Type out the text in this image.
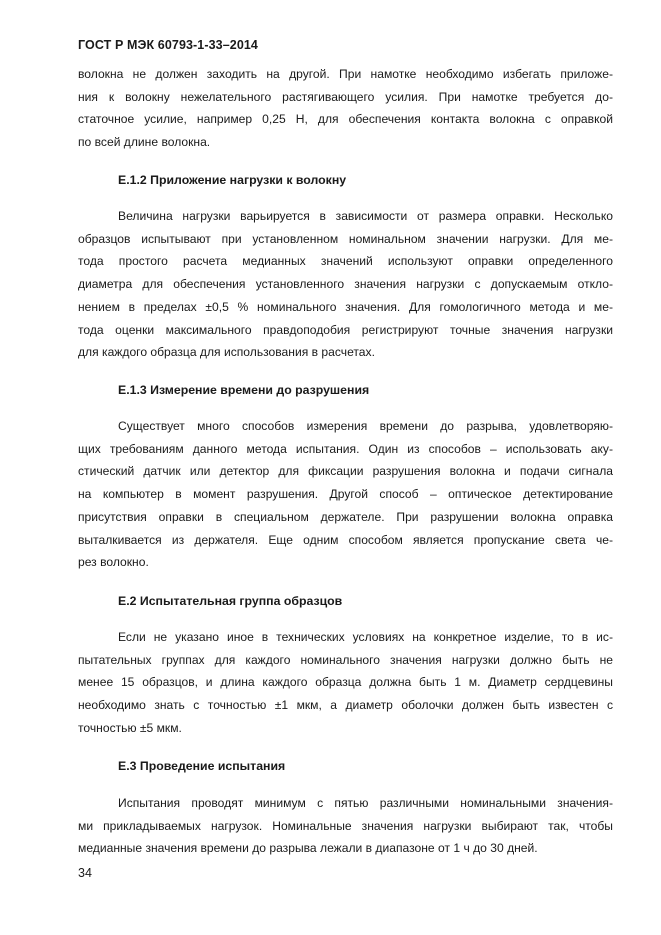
ГОСТ Р МЭК 60793-1-33–2014
волокна не должен заходить на другой. При намотке необходимо избегать приложе-
ния к волокну нежелательного растягивающего усилия. При намотке требуется до-
статочное усилие, например 0,25 Н, для обеспечения контакта волокна с оправкой
по всей длине волокна.
Е.1.2 Приложение нагрузки к волокну
Величина нагрузки варьируется в зависимости от размера оправки. Несколько
образцов испытывают при установленном номинальном значении нагрузки. Для ме-
тода простого расчета медианных значений используют оправки определенного
диаметра для обеспечения установленного значения нагрузки с допускаемым откло-
нением в пределах ±0,5 % номинального значения. Для гомологичного метода и ме-
тода оценки максимального правдоподобия регистрируют точные значения нагрузки
для каждого образца для использования в расчетах.
Е.1.3 Измерение времени до разрушения
Существует много способов измерения времени до разрыва, удовлетворяю-
щих требованиям данного метода испытания. Один из способов – использовать аку-
стический датчик или детектор для фиксации разрушения волокна и подачи сигнала
на компьютер в момент разрушения. Другой способ – оптическое детектирование
присутствия оправки в специальном держателе. При разрушении волокна оправка
выталкивается из держателя. Еще одним способом является пропускание света че-
рез волокно.
Е.2 Испытательная группа образцов
Если не указано иное в технических условиях на конкретное изделие, то в ис-
пытательных группах для каждого номинального значения нагрузки должно быть не
менее 15 образцов, и длина каждого образца должна быть 1 м. Диаметр сердцевины
необходимо знать с точностью ±1 мкм, а диаметр оболочки должен быть известен с
точностью ±5 мкм.
Е.3 Проведение испытания
Испытания проводят минимум с пятью различными номинальными значения-
ми прикладываемых нагрузок. Номинальные значения нагрузки выбирают так, чтобы
медианные значения времени до разрыва лежали в диапазоне от 1 ч до 30 дней.
34
